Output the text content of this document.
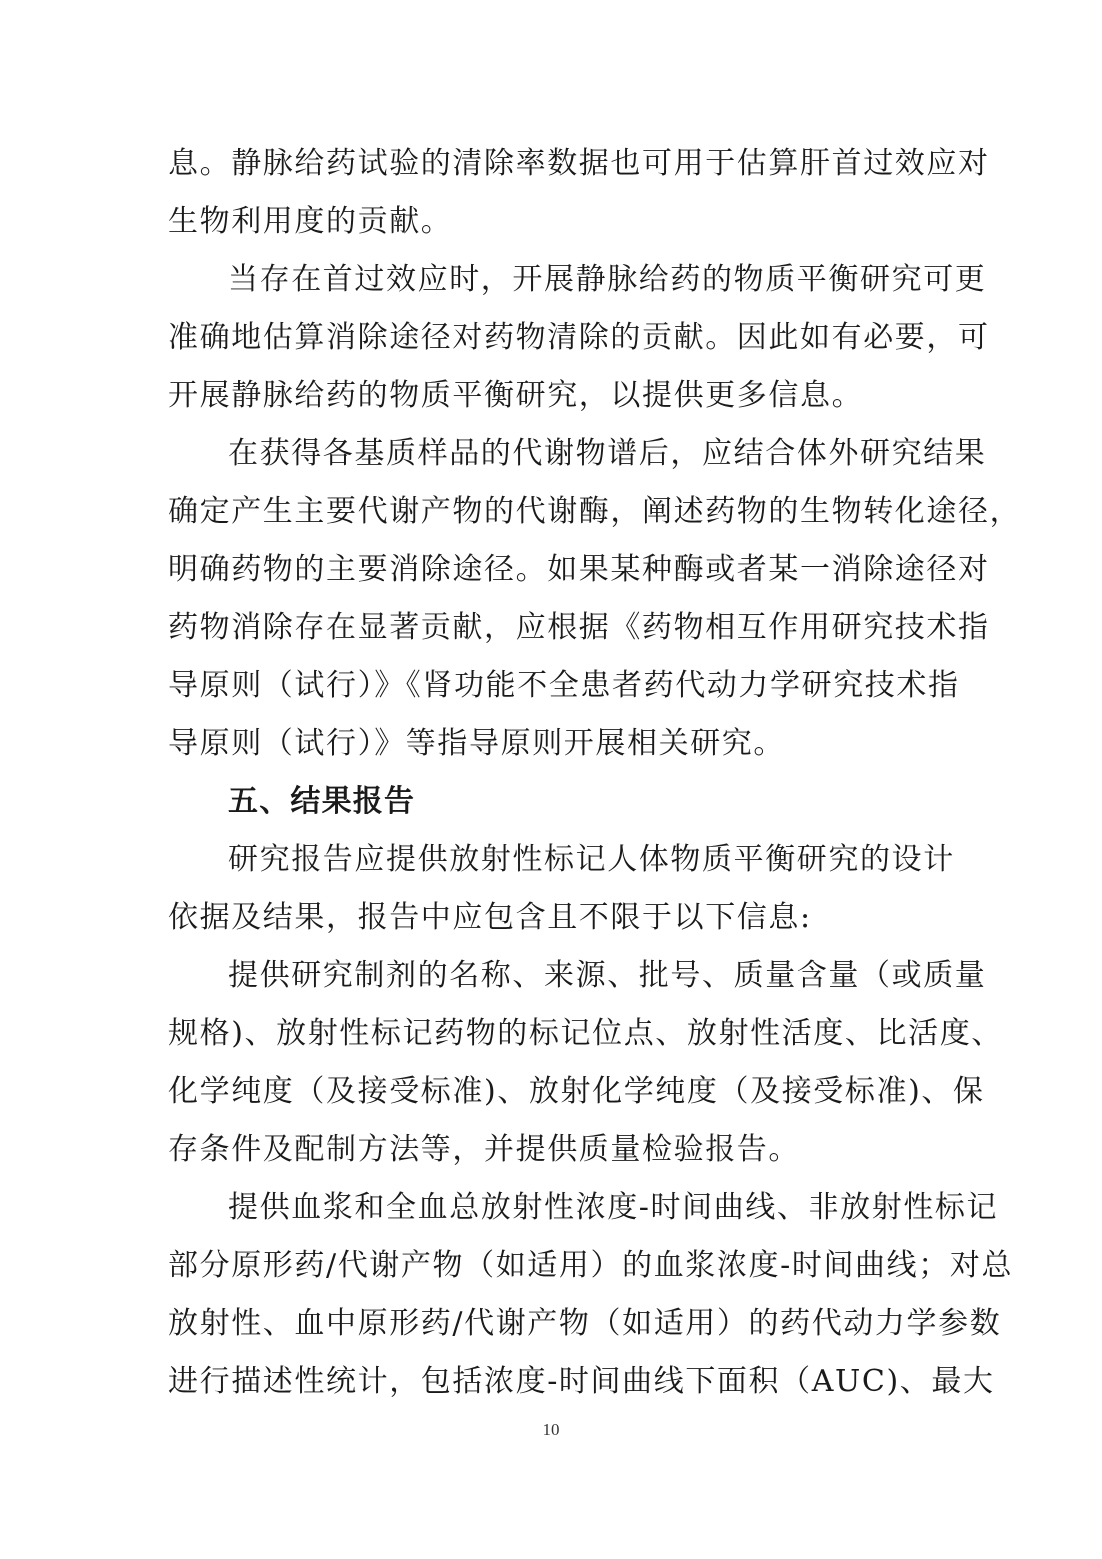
息。静脉给药试验的清除率数据也可用于估算肝首过效应对
生物利用度的贡献。
当存在首过效应时，开展静脉给药的物质平衡研究可更
准确地估算消除途径对药物清除的贡献。因此如有必要，可
开展静脉给药的物质平衡研究，以提供更多信息。
在获得各基质样品的代谢物谱后，应结合体外研究结果
确定产生主要代谢产物的代谢酶，阐述药物的生物转化途径，
明确药物的主要消除途径。如果某种酶或者某一消除途径对
药物消除存在显著贡献，应根据《药物相互作用研究技术指
导原则（试行）》《肾功能不全患者药代动力学研究技术指
导原则（试行）》等指导原则开展相关研究。
五、结果报告
研究报告应提供放射性标记人体物质平衡研究的设计
依据及结果，报告中应包含且不限于以下信息:
提供研究制剂的名称、来源、批号、质量含量（或质量
规格)、放射性标记药物的标记位点、放射性活度、比活度、
化学纯度（及接受标准)、放射化学纯度（及接受标准)、保
存条件及配制方法等，并提供质量检验报告。
提供血浆和全血总放射性浓度-时间曲线、非放射性标记
部分原形药/代谢产物（如适用）的血浆浓度-时间曲线；对总
放射性、血中原形药/代谢产物（如适用）的药代动力学参数
进行描述性统计，包括浓度-时间曲线下面积（AUC)、最大
10
